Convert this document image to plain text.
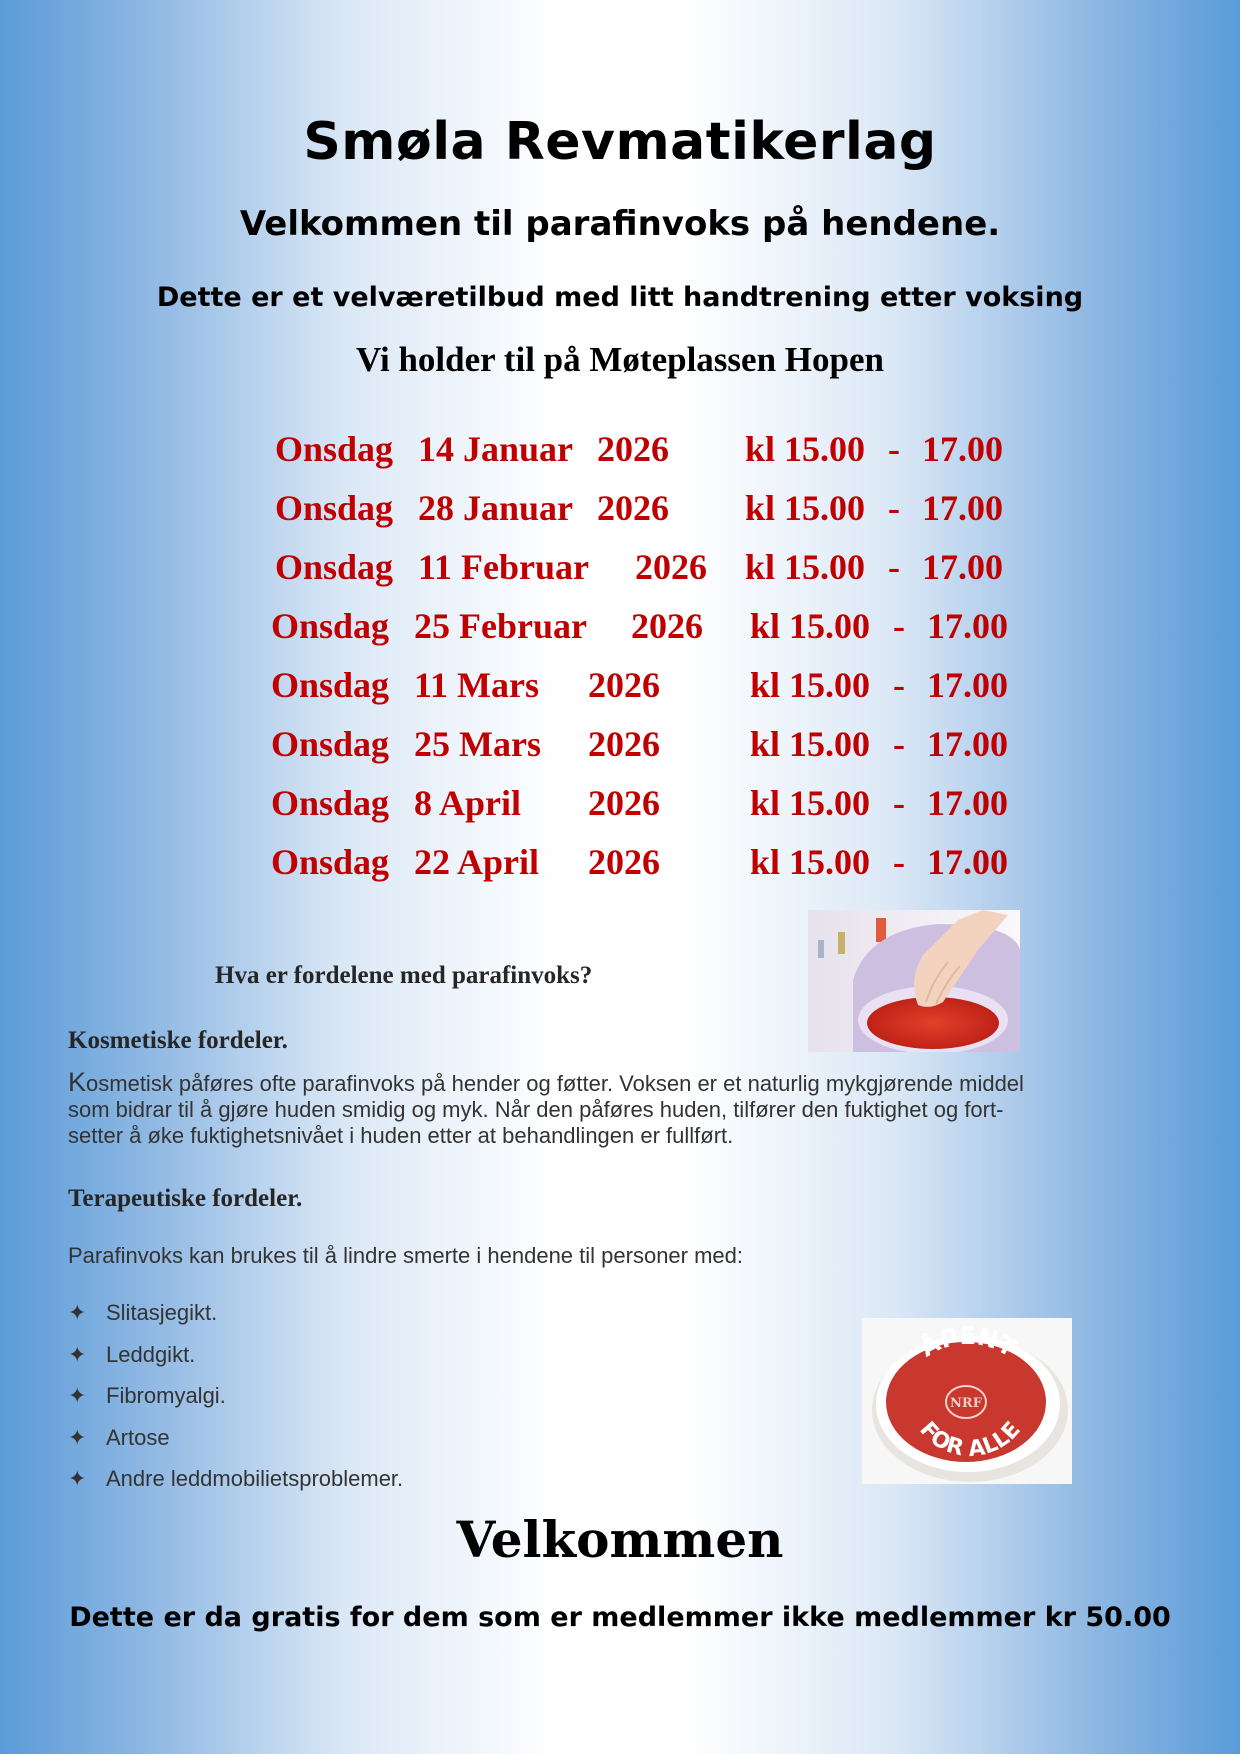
Smøla Revmatikerlag
Velkommen til parafinvoks på hendene.
Dette er et velværetilbud med litt handtrening etter voksing
Vi holder til på Møteplassen Hopen
Onsdag 14 Januar 2026 kl 15.00 - 17.00
Onsdag 28 Januar 2026 kl 15.00 - 17.00
Onsdag 11 Februar 2026 kl 15.00 - 17.00
Onsdag 25 Februar 2026 kl 15.00 - 17.00
Onsdag 11 Mars 2026	kl 15.00 - 17.00
Onsdag 25 Mars 2026	kl 15.00 - 17.00
Onsdag 8 April 2026	kl 15.00 - 17.00
Onsdag 22 April 2026	kl 15.00 - 17.00
Hva er fordelene med parafinvoks?
Kosmetiske fordeler.
Kosmetisk påføres ofte parafinvoks på hender og føtter. Voksen er et naturlig mykgjørende middel
som bidrar til å gjøre huden smidig og myk. Når den påføres huden, tilfører den fuktighet og fort-
setter å øke fuktighetsnivået i huden etter at behandlingen er fullført.
Terapeutiske fordeler.
Parafinvoks kan brukes til å lindre smerte i hendene til personer med:
✦ Slitasjegikt.
✦ Leddgikt.
✦ Fibromyalgi.
✦ Artose
✦ Andre leddmobilietsproblemer.
NRF
ÅPENT
FOR ALLE
Velkommen
Dette er da gratis for dem som er medlemmer ikke medlemmer kr 50.00
